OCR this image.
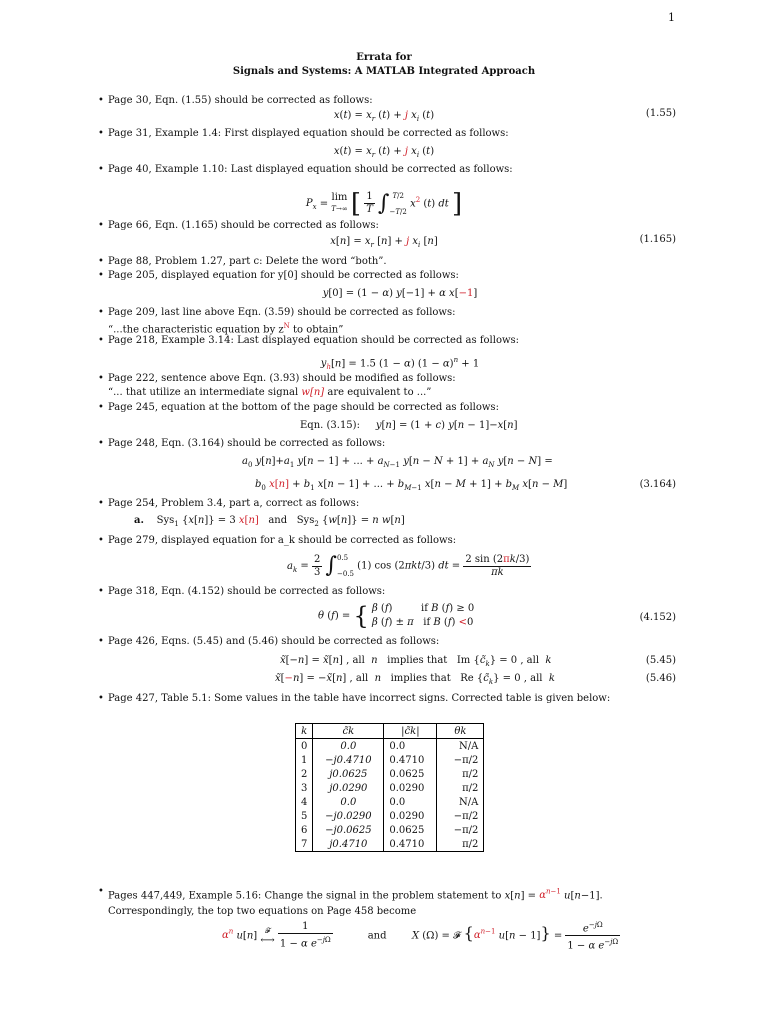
1
Errata for
Signals and Systems: A MATLAB Integrated Approach
• Page 30, Eqn. (1.55) should be corrected as follows:
$x(t) = x_r$ (t) + j $x_i$ (t)	(1.55)
• Page 31, Example 1.4: First displayed equation should be corrected as follows:
$x(t) = x_r$ (t) + j $x_i$ (t)
• Page 40, Example 1.10: Last displayed equation should be corrected as follows:
$P_x = \lim$
T→∞ [ $\frac{1}{T}$ ∫ 𝑇/2
−𝑇/2 $x^2$ (t) dt ]
• Page 66, Eqn. (1.165) should be corrected as follows:
$x[n] = x_r$ [n] + j $x_i$ [n]	(1.165)
• Page 88, Problem 1.27, part c: Delete the word “both”.
• Page 205, displayed equation for y[0] should be corrected as follows:
y[0] = (1 − α) y[−1] + α x[−1]
• Page 209, last line above Eqn. (3.59) should be corrected as follows:
“...the characteristic equation by $z^N$ to obtain”
• Page 218, Example 3.14: Last displayed equation should be corrected as follows:
$y_h[n] = 1.5$ (1 − α) $(1 - \alpha)^n + 1$
• Page 222, sentence above Eqn. (3.93) should be modified as follows:
“... that utilize an intermediate signal w[n] are equivalent to ...”
• Page 245, equation at the bottom of the page should be corrected as follows:
Eqn. (3.15): y[n] = (1 + c) y[n − 1]−x[n]
• Page 248, Eqn. (3.164) should be corrected as follows:
$a_0$ $y[n]+a_1$ y[n − 1] + ... + $a_{N-1}$ $y[n - N + 1] + a_N$ y[n − N] =
$b_0$ $x[n] + b_1$ x[n − 1] + ... + $b_{M-1}$ $x[n - M + 1] + b_M$ x[n − M]	(3.164)
• Page 254, Problem 3.4, part a, correct as follows:
a.    Sys$_1$ {x[n]} = 3 x[n] and   Sys$_2$ {w[n]} = n w[n]
• Page 279, displayed equation for a_k should be corrected as follows:
$a_k = \frac{2}{3} \int 0.5$
−0.5 (1) cos (2πkt/3) dt = $\frac{2 \sin (2\pi k/3)}{\pi k}$
• Page 318, Eqn. (4.152) should be corrected as follows:
θ (f) = { β (f)         if B (f) ≥ 0
β (f) ± π   if B (f) <0	(4.152)
• Page 426, Eqns. (5.45) and (5.46) should be corrected as follows:
x̃[−n] = x̃[n] , all  n   implies that   Im $\{c̃_k\} = 0$ , all  k	(5.45)
x̃[−n] = −x̃[n] , all  n   implies that   Re $\{c̃_k\} = 0$ , all  k	(5.46)
• Page 427, Table 5.1: Some values in the table have incorrect signs. Corrected table is given below:
k	c̃k	|c̃k|	θk
0	0.0	0.0	N/A
1	−j0.4710	0.4710	−π/2
2	j0.0625	0.0625	π/2
3	j0.0290	0.0290	π/2
4	0.0	0.0	N/A
5	−j0.0290	0.0290	−π/2
6	−j0.0625	0.0625	−π/2
7	j0.4710	0.4710	π/2
• Pages 447,449, Example 5.16: Change the signal in the problem statement to $x[n] = \alpha^{n-1}$ u[n−1]. Correspondingly, the top two equations on Page 458 become
$\alpha^n$ u[n] 𝓕
⟷ $\frac{1}{1 - \alpha e^{-j\Omega}}$	and	X (Ω) = 𝓕 {$\alpha^{n-1}$ $u[n - 1]\} = \frac{e^{-j\Omega}}{1 - \alpha e^{-j\Omega}}$
